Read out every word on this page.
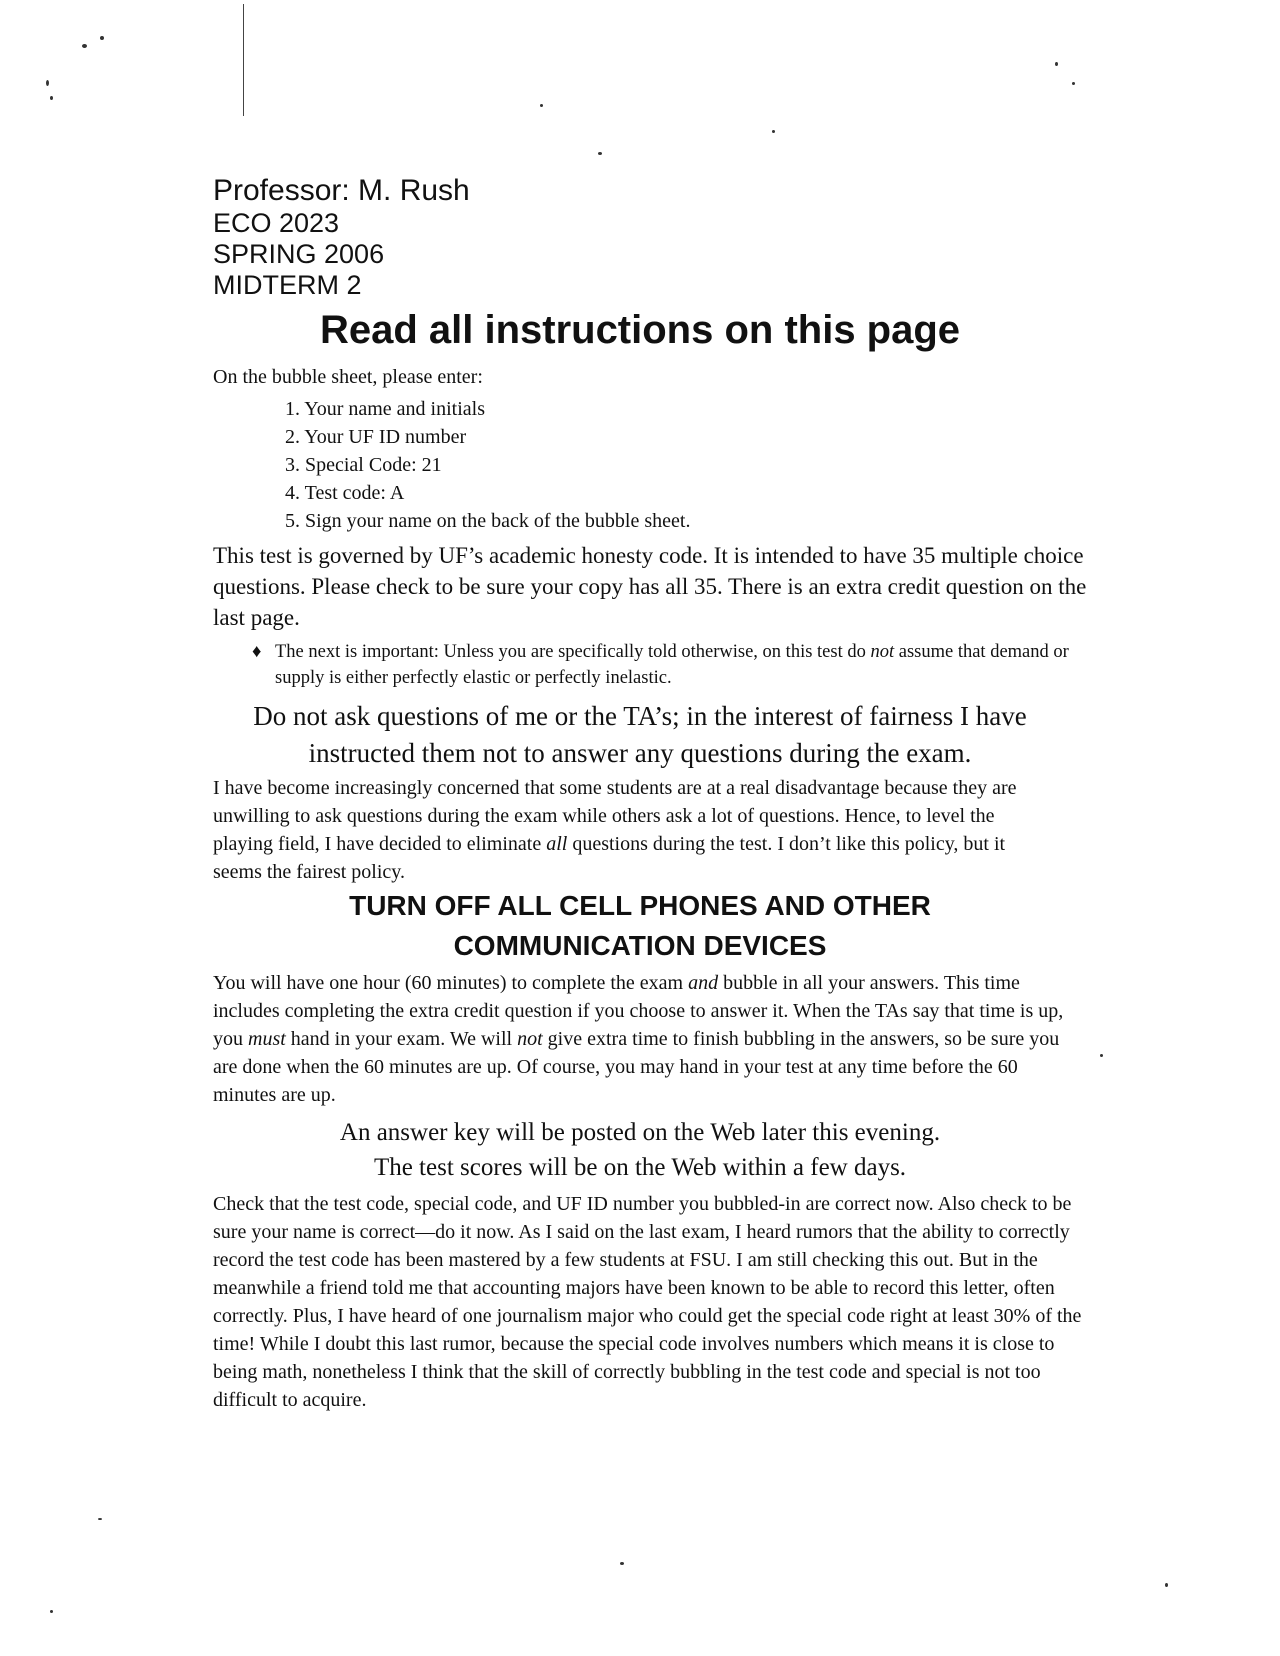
Professor: M. Rush
ECO 2023
SPRING 2006
MIDTERM 2
Read all instructions on this page
On the bubble sheet, please enter:
1. Your name and initials
2. Your UF ID number
3. Special Code: 21
4. Test code: A
5. Sign your name on the back of the bubble sheet.
This test is governed by UF’s academic honesty code. It is intended to have 35 multiple choice questions. Please check to be sure your copy has all 35. There is an extra credit question on the last page.
♦ The next is important: Unless you are specifically told otherwise, on this test do not assume that demand or supply is either perfectly elastic or perfectly inelastic.
Do not ask questions of me or the TA’s; in the interest of fairness I have instructed them not to answer any questions during the exam.
I have become increasingly concerned that some students are at a real disadvantage because they are unwilling to ask questions during the exam while others ask a lot of questions. Hence, to level the playing field, I have decided to eliminate all questions during the test. I don’t like this policy, but it seems the fairest policy.
TURN OFF ALL CELL PHONES AND OTHER
COMMUNICATION DEVICES
You will have one hour (60 minutes) to complete the exam and bubble in all your answers. This time includes completing the extra credit question if you choose to answer it. When the TAs say that time is up, you must hand in your exam. We will not give extra time to finish bubbling in the answers, so be sure you are done when the 60 minutes are up. Of course, you may hand in your test at any time before the 60 minutes are up.
An answer key will be posted on the Web later this evening.
The test scores will be on the Web within a few days.
Check that the test code, special code, and UF ID number you bubbled-in are correct now. Also check to be sure your name is correct—do it now. As I said on the last exam, I heard rumors that the ability to correctly record the test code has been mastered by a few students at FSU. I am still checking this out. But in the meanwhile a friend told me that accounting majors have been known to be able to record this letter, often correctly. Plus, I have heard of one journalism major who could get the special code right at least 30% of the time! While I doubt this last rumor, because the special code involves numbers which means it is close to being math, nonetheless I think that the skill of correctly bubbling in the test code and special is not too difficult to acquire.
